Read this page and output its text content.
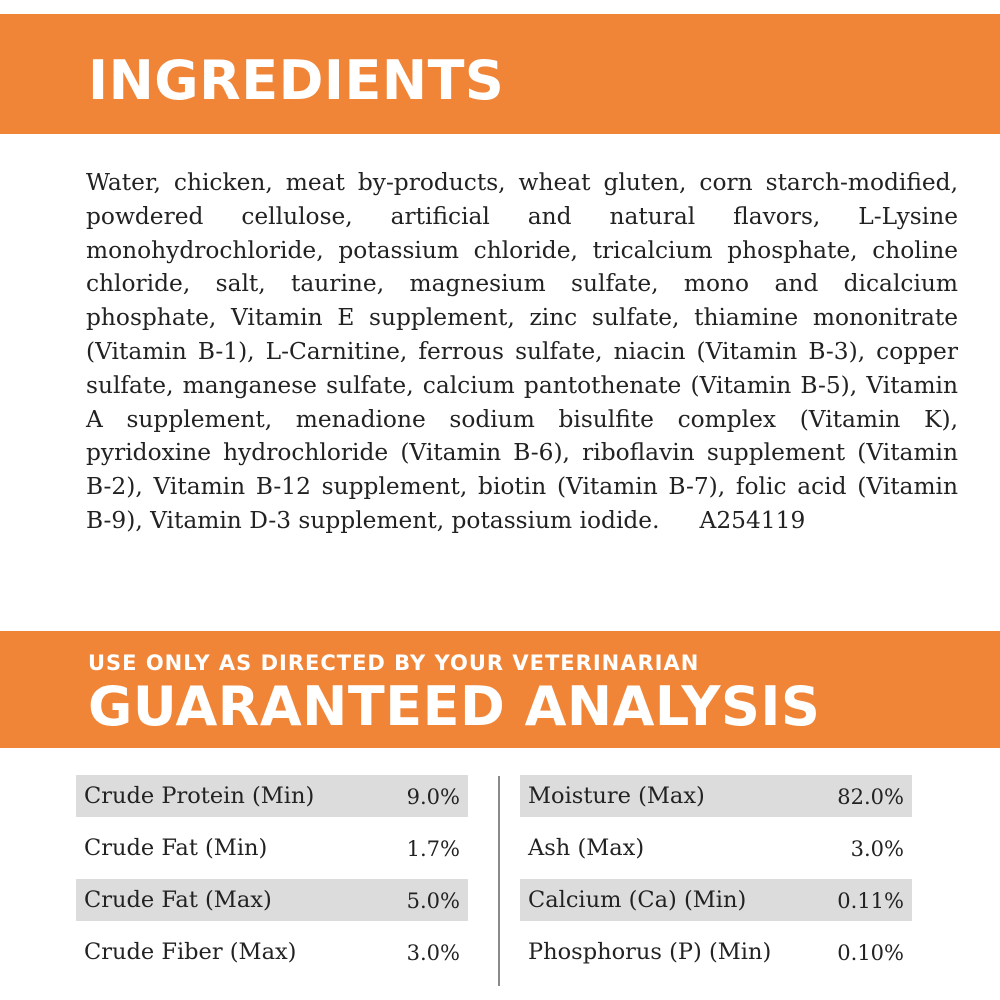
INGREDIENTS

Water, chicken, meat by-products, wheat gluten, corn starch-modified, powdered cellulose, artificial and natural flavors, L-Lysine monohydrochloride, potassium chloride, tricalcium phosphate, choline chloride, salt, taurine, magnesium sulfate, mono and dicalcium phosphate, Vitamin E supplement, zinc sulfate, thiamine mononitrate (Vitamin B-1), L-Carnitine, ferrous sulfate, niacin (Vitamin B-3), copper sulfate, manganese sulfate, calcium pantothenate (Vitamin B-5), Vitamin A supplement, menadione sodium bisulfite complex (Vitamin K), pyridoxine hydrochloride (Vitamin B-6), riboflavin supplement (Vitamin B-2), Vitamin B-12 supplement, biotin (Vitamin B-7), folic acid (Vitamin B-9), Vitamin D-3 supplement, potassium iodide. A254119

USE ONLY AS DIRECTED BY YOUR VETERINARIAN
GUARANTEED ANALYSIS
Crude Protein (Min)	9.0%
Crude Fat (Min)	1.7%
Crude Fat (Max)	5.0%
Crude Fiber (Max)	3.0%
Moisture (Max)	82.0%
Ash (Max)	3.0%
Calcium (Ca) (Min)	0.11%
Phosphorus (P) (Min)	0.10%
